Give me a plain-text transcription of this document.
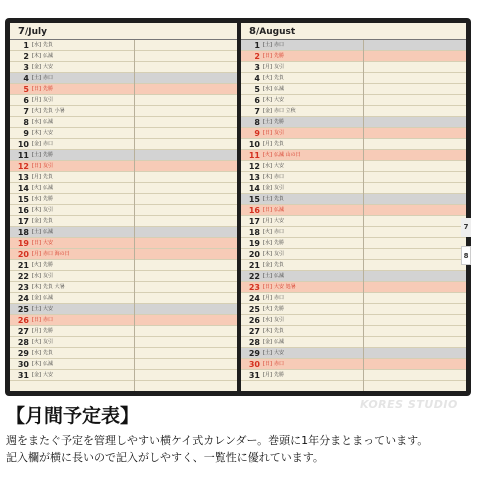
7/July
1 [水] 先負
2 [木] 仏滅
3 [金] 大安
4 [土] 赤口
5 [日] 先勝
6 [月] 友引
7 [火] 先負 小暑
8 [水] 仏滅
9 [木] 大安
10 [金] 赤口
11 [土] 先勝
12 [日] 友引
13 [月] 先負
14 [火] 仏滅
15 [水] 先勝
16 [木] 友引
17 [金] 先負
18 [土] 仏滅
19 [日] 大安
20 [月] 赤口 海の日
21 [火] 先勝
22 [水] 友引
23 [木] 先負 大暑
24 [金] 仏滅
25 [土] 大安
26 [日] 赤口
27 [月] 先勝
28 [火] 友引
29 [水] 先負
30 [木] 仏滅
31 [金] 大安
8/August
1 [土] 赤口
2 [日] 先勝
3 [月] 友引
4 [火] 先負
5 [水] 仏滅
6 [木] 大安
7 [金] 赤口 立秋
8 [土] 先勝
9 [日] 友引
10 [月] 先負
11 [火] 仏滅 山の日
12 [水] 大安
13 [木] 赤口
14 [金] 友引
15 [土] 先負
16 [日] 仏滅
17 [月] 大安
18 [火] 赤口
19 [水] 先勝
20 [木] 友引
21 [金] 先負
22 [土] 仏滅
23 [日] 大安 処暑
24 [月] 赤口
25 [火] 先勝
26 [水] 友引
27 [木] 先負
28 [金] 仏滅
29 [土] 大安
30 [日] 赤口
31 [月] 先勝
7
8
KORES STUDIO
【月間予定表】
週をまたぐ予定を管理しやすい横ケイ式カレンダー。巻頭に1年分まとまっています。
記入欄が横に長いので記入がしやすく、一覧性に優れています。
